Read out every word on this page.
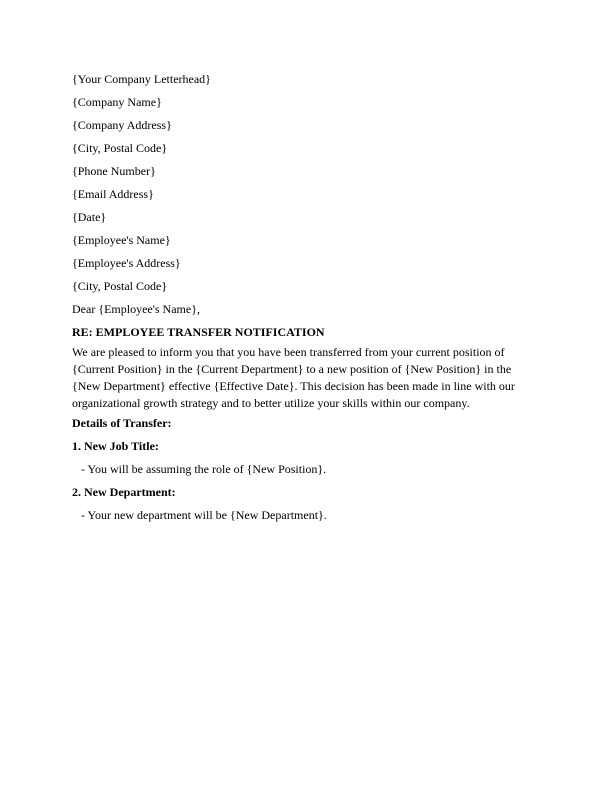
{Your Company Letterhead}

{Company Name}

{Company Address}

{City, Postal Code}

{Phone Number}

{Email Address}

{Date}

{Employee's Name}

{Employee's Address}

{City, Postal Code}

Dear {Employee's Name},

RE: EMPLOYEE TRANSFER NOTIFICATION

We are pleased to inform you that you have been transferred from your current position of {Current Position} in the {Current Department} to a new position of {New Position} in the {New Department} effective {Effective Date}. This decision has been made in line with our organizational growth strategy and to better utilize your skills within our company.

Details of Transfer:

1. New Job Title:

- You will be assuming the role of {New Position}.

2. New Department:

- Your new department will be {New Department}.
